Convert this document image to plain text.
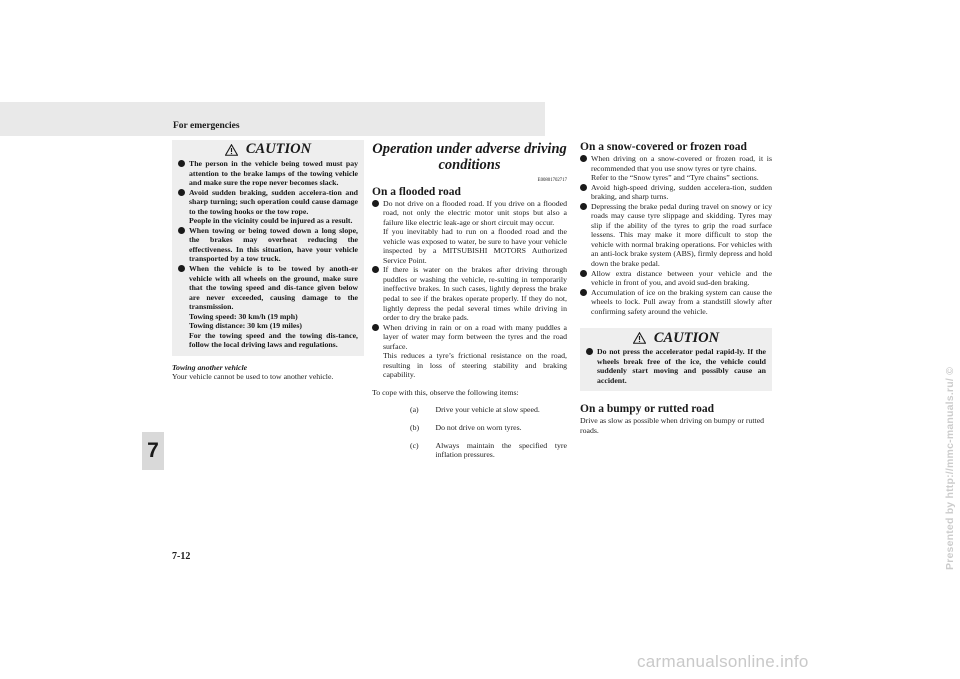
For emergencies
7
7-12	Presented by http://mmc-manuals.ru/ ©
carmanualsonline.info
CAUTION
The person in the vehicle being towed must pay attention to the brake lamps of the towing vehicle and make sure the rope never becomes slack.
Avoid sudden braking, sudden accelera-tion and sharp turning; such operation could cause damage to the towing hooks or the tow rope.
People in the vicinity could be injured as a result.
When towing or being towed down a long slope, the brakes may overheat reducing the effectiveness. In this situation, have your vehicle transported by a tow truck.
When the vehicle is to be towed by anoth-er vehicle with all wheels on the ground, make sure that the towing speed and dis-tance given below are never exceeded, causing damage to the transmission.
Towing speed: 30 km/h (19 mph)
Towing distance: 30 km (19 miles)
For the towing speed and the towing dis-tance, follow the local driving laws and regulations.
Towing another vehicle

Your vehicle cannot be used to tow another vehicle.

Operation under adverse driving conditions
E00801702717
On a flooded road
Do not drive on a flooded road. If you drive on a flooded road, not only the electric motor unit stops but also a failure like electric leak-age or short circuit may occur.
If you inevitably had to run on a flooded road and the vehicle was exposed to water, be sure to have your vehicle inspected by a MITSUBISHI MOTORS Authorized Service Point.
If there is water on the brakes after driving through puddles or washing the vehicle, re-sulting in temporarily ineffective brakes. In such cases, lightly depress the brake pedal to see if the brakes operate properly. If they do not, lightly depress the pedal several times while driving in order to dry the brake pads.
When driving in rain or on a road with many puddles a layer of water may form between the tyres and the road surface.
This reduces a tyre’s frictional resistance on the road, resulting in loss of steering stability and braking capability.

To cope with this, observe the following items:

(a)	Drive your vehicle at slow speed.
(b)	Do not drive on worn tyres.
(c)	Always maintain the specified tyre inflation pressures.
On a snow-covered or frozen road
When driving on a snow-covered or frozen road, it is recommended that you use snow tyres or tyre chains.
Refer to the “Snow tyres” and “Tyre chains” sections.
Avoid high-speed driving, sudden accelera-tion, sudden braking, and sharp turns.
Depressing the brake pedal during travel on snowy or icy roads may cause tyre slippage and skidding. Tyres may slip if the ability of the tyres to grip the road surface lessens. This may make it more difficult to stop the vehicle with normal braking operations. For vehicles with an anti-lock brake system (ABS), firmly depress and hold down the brake pedal.
Allow extra distance between your vehicle and the vehicle in front of you, and avoid sud-den braking.
Accumulation of ice on the braking system can cause the wheels to lock. Pull away from a standstill slowly after confirming safety around the vehicle.
CAUTION
Do not press the accelerator pedal rapid-ly. If the wheels break free of the ice, the vehicle could suddenly start moving and possibly cause an accident.
On a bumpy or rutted road

Drive as slow as possible when driving on bumpy or rutted roads.
